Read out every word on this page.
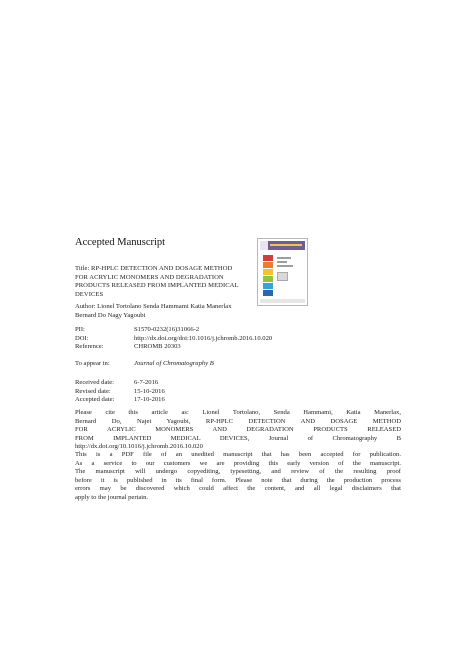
Accepted Manuscript
Title: RP-HPLC DETECTION AND DOSAGE METHOD
FOR ACRYLIC MONOMERS AND DEGRADATION
PRODUCTS RELEASED FROM IMPLANTED MEDICAL
DEVICES
Author: Lionel Tortolano Senda Hammami Katia Manerlax
Bernard Do Nagy Yagoubi
PII:	S1570-0232(16)31066-2
DOI:	http://dx.doi.org/doi:10.1016/j.jchromb.2016.10.020
Reference:	CHROMB 20303
To appear in:	Journal of Chromatography B
Received date:	6-7-2016
Revised date:	15-10-2016
Accepted date:	17-10-2016
Please cite this article as: Lionel Tortolano, Senda Hammami, Katia Manerlax,
Bernard Do, Najet Yagoubi, RP-HPLC DETECTION AND DOSAGE METHOD
FOR ACRYLIC MONOMERS AND DEGRADATION PRODUCTS RELEASED
FROM IMPLANTED MEDICAL DEVICES, Journal of Chromatography B
http://dx.doi.org/10.1016/j.jchromb.2016.10.020
This is a PDF file of an unedited manuscript that has been accepted for publication.
As a service to our customers we are providing this early version of the manuscript.
The manuscript will undergo copyediting, typesetting, and review of the resulting proof
before it is published in its final form. Please note that during the production process
errors may be discovered which could affect the content, and all legal disclaimers that
apply to the journal pertain.
